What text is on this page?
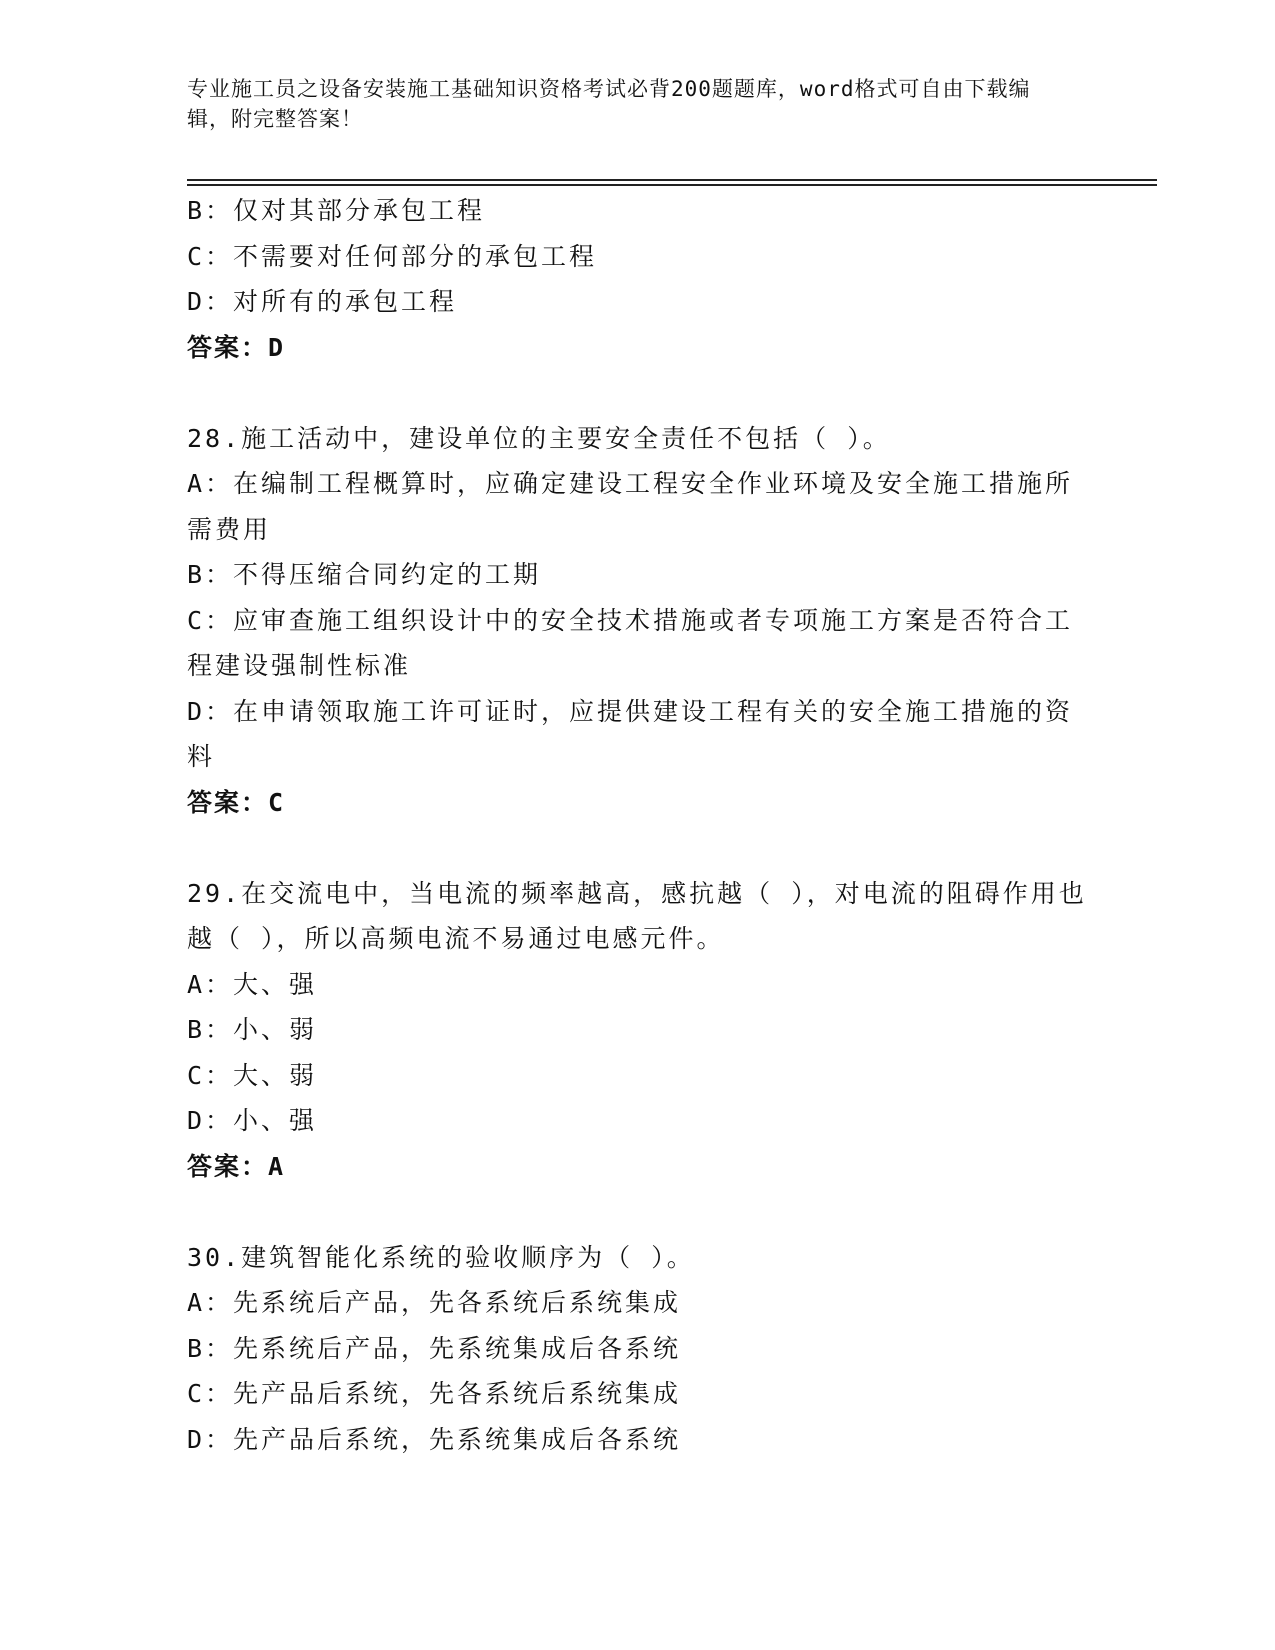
专业施工员之设备安装施工基础知识资格考试必背200题题库，word格式可自由下载编辑，附完整答案！
B：仅对其部分承包工程
C：不需要对任何部分的承包工程
D：对所有的承包工程
答案：D
28.施工活动中，建设单位的主要安全责任不包括（ ）。
A：在编制工程概算时，应确定建设工程安全作业环境及安全施工措施所需费用
B：不得压缩合同约定的工期
C：应审查施工组织设计中的安全技术措施或者专项施工方案是否符合工程建设强制性标准
D：在申请领取施工许可证时，应提供建设工程有关的安全施工措施的资料
答案：C
29.在交流电中，当电流的频率越高，感抗越（ ），对电流的阻碍作用也越（ ），所以高频电流不易通过电感元件。
A：大、强
B：小、弱
C：大、弱
D：小、强
答案：A
30.建筑智能化系统的验收顺序为（ ）。
A：先系统后产品，先各系统后系统集成
B：先系统后产品，先系统集成后各系统
C：先产品后系统，先各系统后系统集成
D：先产品后系统，先系统集成后各系统
